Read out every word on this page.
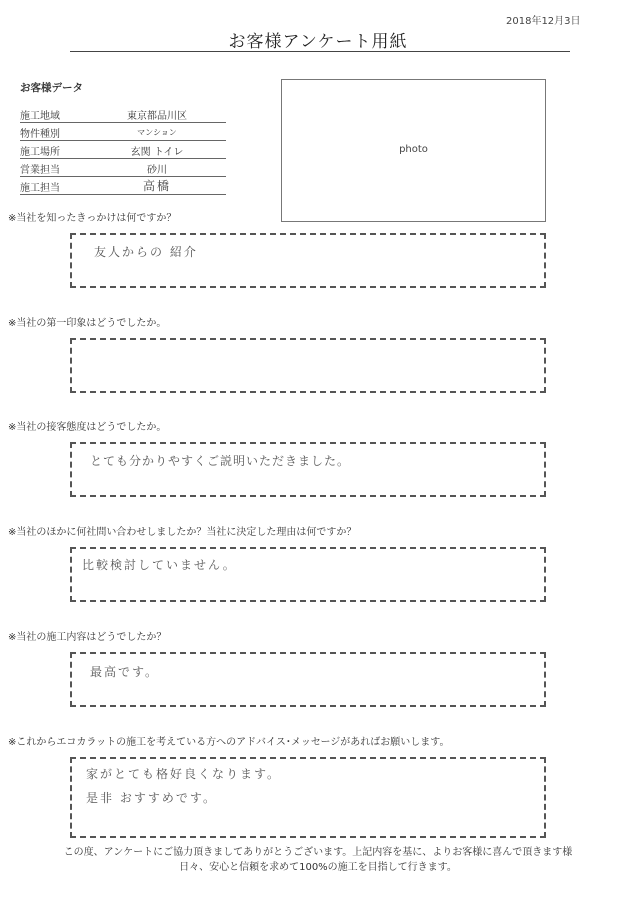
2018年12月3日
お客様アンケート用紙
お客様データ
施工地域	東京都品川区
物件種別	マンション
施工場所	玄関 トイレ
営業担当	砂川
施工担当	高橋
photo
※当社を知ったきっかけは何ですか？
友人からの 紹介
※当社の第一印象はどうでしたか。
※当社の接客態度はどうでしたか。
とても分かりやすくご説明いただきました。
※当社のほかに何社問い合わせしましたか？当社に決定した理由は何ですか？
比較検討していません。
※当社の施工内容はどうでしたか？
最高です。
※これからエコカラットの施工を考えている方へのアドバイス･メッセージがあればお願いします。
家がとても格好良くなります。
是非 おすすめです。
この度、アンケートにご協力頂きましてありがとうございます。上記内容を基に、よりお客様に喜んで頂きます様
日々、安心と信頼を求めて100%の施工を目指して行きます。
